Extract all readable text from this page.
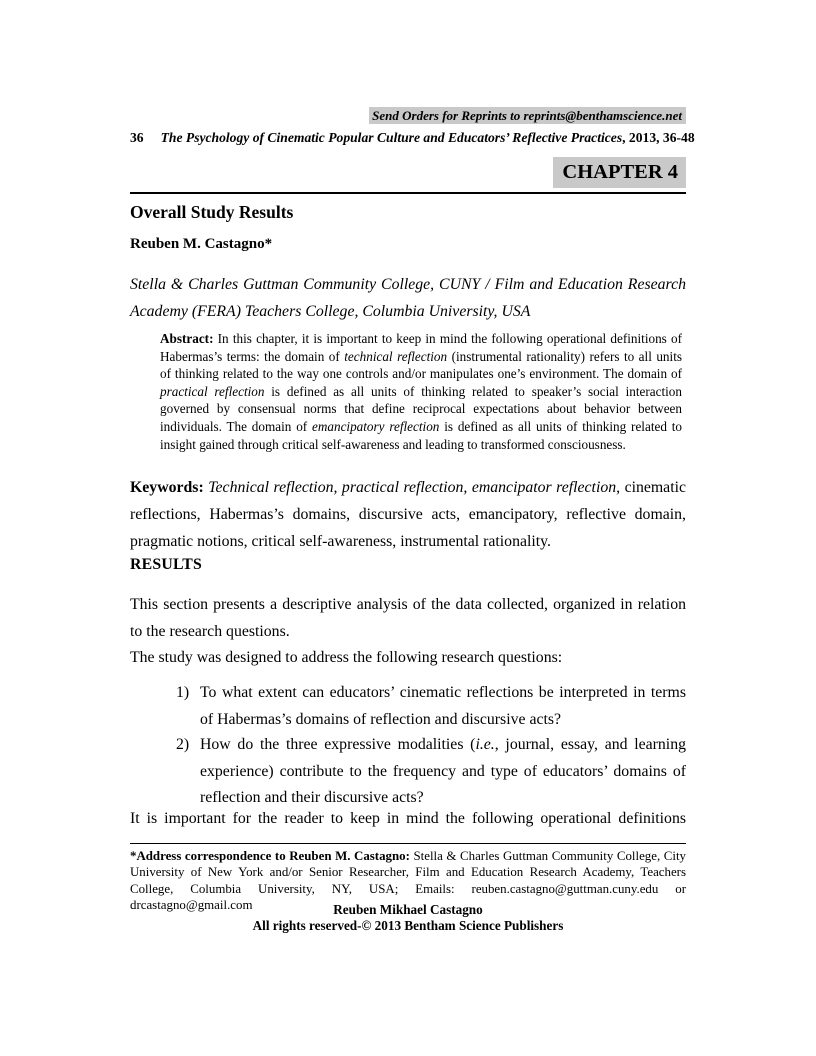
Send Orders for Reprints to reprints@benthamscience.net
36 The Psychology of Cinematic Popular Culture and Educators’ Reflective Practices, 2013, 36-48
CHAPTER 4
Overall Study Results
Reuben M. Castagno*
Stella & Charles Guttman Community College, CUNY / Film and Education Research Academy (FERA) Teachers College, Columbia University, USA
Abstract: In this chapter, it is important to keep in mind the following operational definitions of Habermas’s terms: the domain of technical reflection (instrumental rationality) refers to all units of thinking related to the way one controls and/or manipulates one’s environment. The domain of practical reflection is defined as all units of thinking related to speaker’s social interaction governed by consensual norms that define reciprocal expectations about behavior between individuals. The domain of emancipatory reflection is defined as all units of thinking related to insight gained through critical self-awareness and leading to transformed consciousness.
Keywords: Technical reflection, practical reflection, emancipator reflection, cinematic reflections, Habermas’s domains, discursive acts, emancipatory, reflective domain, pragmatic notions, critical self-awareness, instrumental rationality.
RESULTS
This section presents a descriptive analysis of the data collected, organized in relation to the research questions.
The study was designed to address the following research questions:
1) To what extent can educators’ cinematic reflections be interpreted in terms of Habermas’s domains of reflection and discursive acts?
2) How do the three expressive modalities (i.e., journal, essay, and learning experience) contribute to the frequency and type of educators’ domains of reflection and their discursive acts?
It is important for the reader to keep in mind the following operational definitions
*Address correspondence to Reuben M. Castagno: Stella & Charles Guttman Community College, City University of New York and/or Senior Researcher, Film and Education Research Academy, Teachers College, Columbia University, NY, USA; Emails: reuben.castagno@guttman.cuny.edu or drcastagno@gmail.com	Reuben Mikhael Castagno
All rights reserved-© 2013 Bentham Science Publishers
